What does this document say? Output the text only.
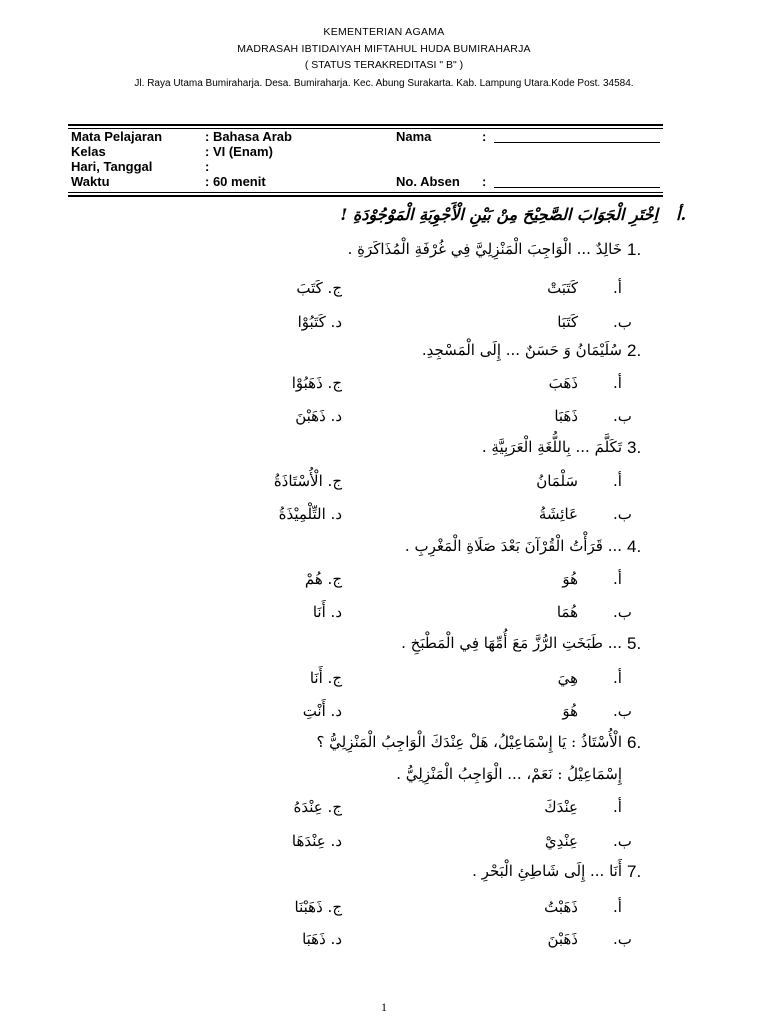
KEMENTERIAN AGAMA
MADRASAH IBTIDAIYAH MIFTAHUL HUDA BUMIRAHARJA
( STATUS TERAKREDITASI " B" )
Jl. Raya Utama Bumiraharja. Desa. Bumiraharja. Kec. Abung Surakarta. Kab. Lampung Utara.Kode Post. 34584.
Mata Pelajaran	: Bahasa Arab
Kelas	: VI (Enam)
Hari, Tanggal	:
Waktu	: 60 menit
Nama	:
No. Absen :
أ.
اِخْتَرِ الْجَوَابَ الصَّحِيْحَ مِنْ بَيْنِ الْأَجْوِبَةِ الْمَوْجُوْدَةِ !
1.
خَالِدٌ ... الْوَاجِبَ الْمَنْزِلِيَّ فِي غُرْفَةِ الْمُذَاكَرَةِ .
أ.
كَتَبَتْ
ج. كَتَبَ
ب.
كَتَبَا
د. كَتَبُوْا
2.
سُلَيْمَانُ وَ حَسَنٌ ... إِلَى الْمَسْجِدِ.
أ.
ذَهَبَ
ج. ذَهَبُوْا
ب.
ذَهَبَا
د. ذَهَبْنَ
3.
تَكَلَّمَ ... بِاللُّغَةِ الْعَرَبِيَّةِ .
أ.
سَلْمَانُ
ج. الْأُسْتَاذَةُ
ب.
عَائِشَةُ
د. التِّلْمِيْذَةُ
4.
... قَرَأْتُ الْقُرْآنَ بَعْدَ صَلَاةِ الْمَغْرِبِ .
أ.
هُوَ
ج. هُمْ
ب.
هُمَا
د. أَنَا
5.
... طَبَخَتِ الرُّزَّ مَعَ أُمِّهَا فِي الْمَطْبَخِ .
أ.
هِيَ
ج. أَنَا
ب.
هُوَ
د. أَنْتِ
6.
الْأُسْتَاذُ : يَا إِسْمَاعِيْلُ، هَلْ عِنْدَكَ الْوَاجِبُ الْمَنْزِلِيُّ ؟
إِسْمَاعِيْلُ : نَعَمْ، ... الْوَاجِبُ الْمَنْزِلِيُّ .
أ.
عِنْدَكَ
ج. عِنْدَهُ
ب.
عِنْدِيْ
د. عِنْدَهَا
7.
أَنَا ... إِلَى شَاطِئِ الْبَحْرِ .
أ.
ذَهَبْتُ
ج. ذَهَبْنَا
ب.
ذَهَبْنَ
د. ذَهَبَا
1
